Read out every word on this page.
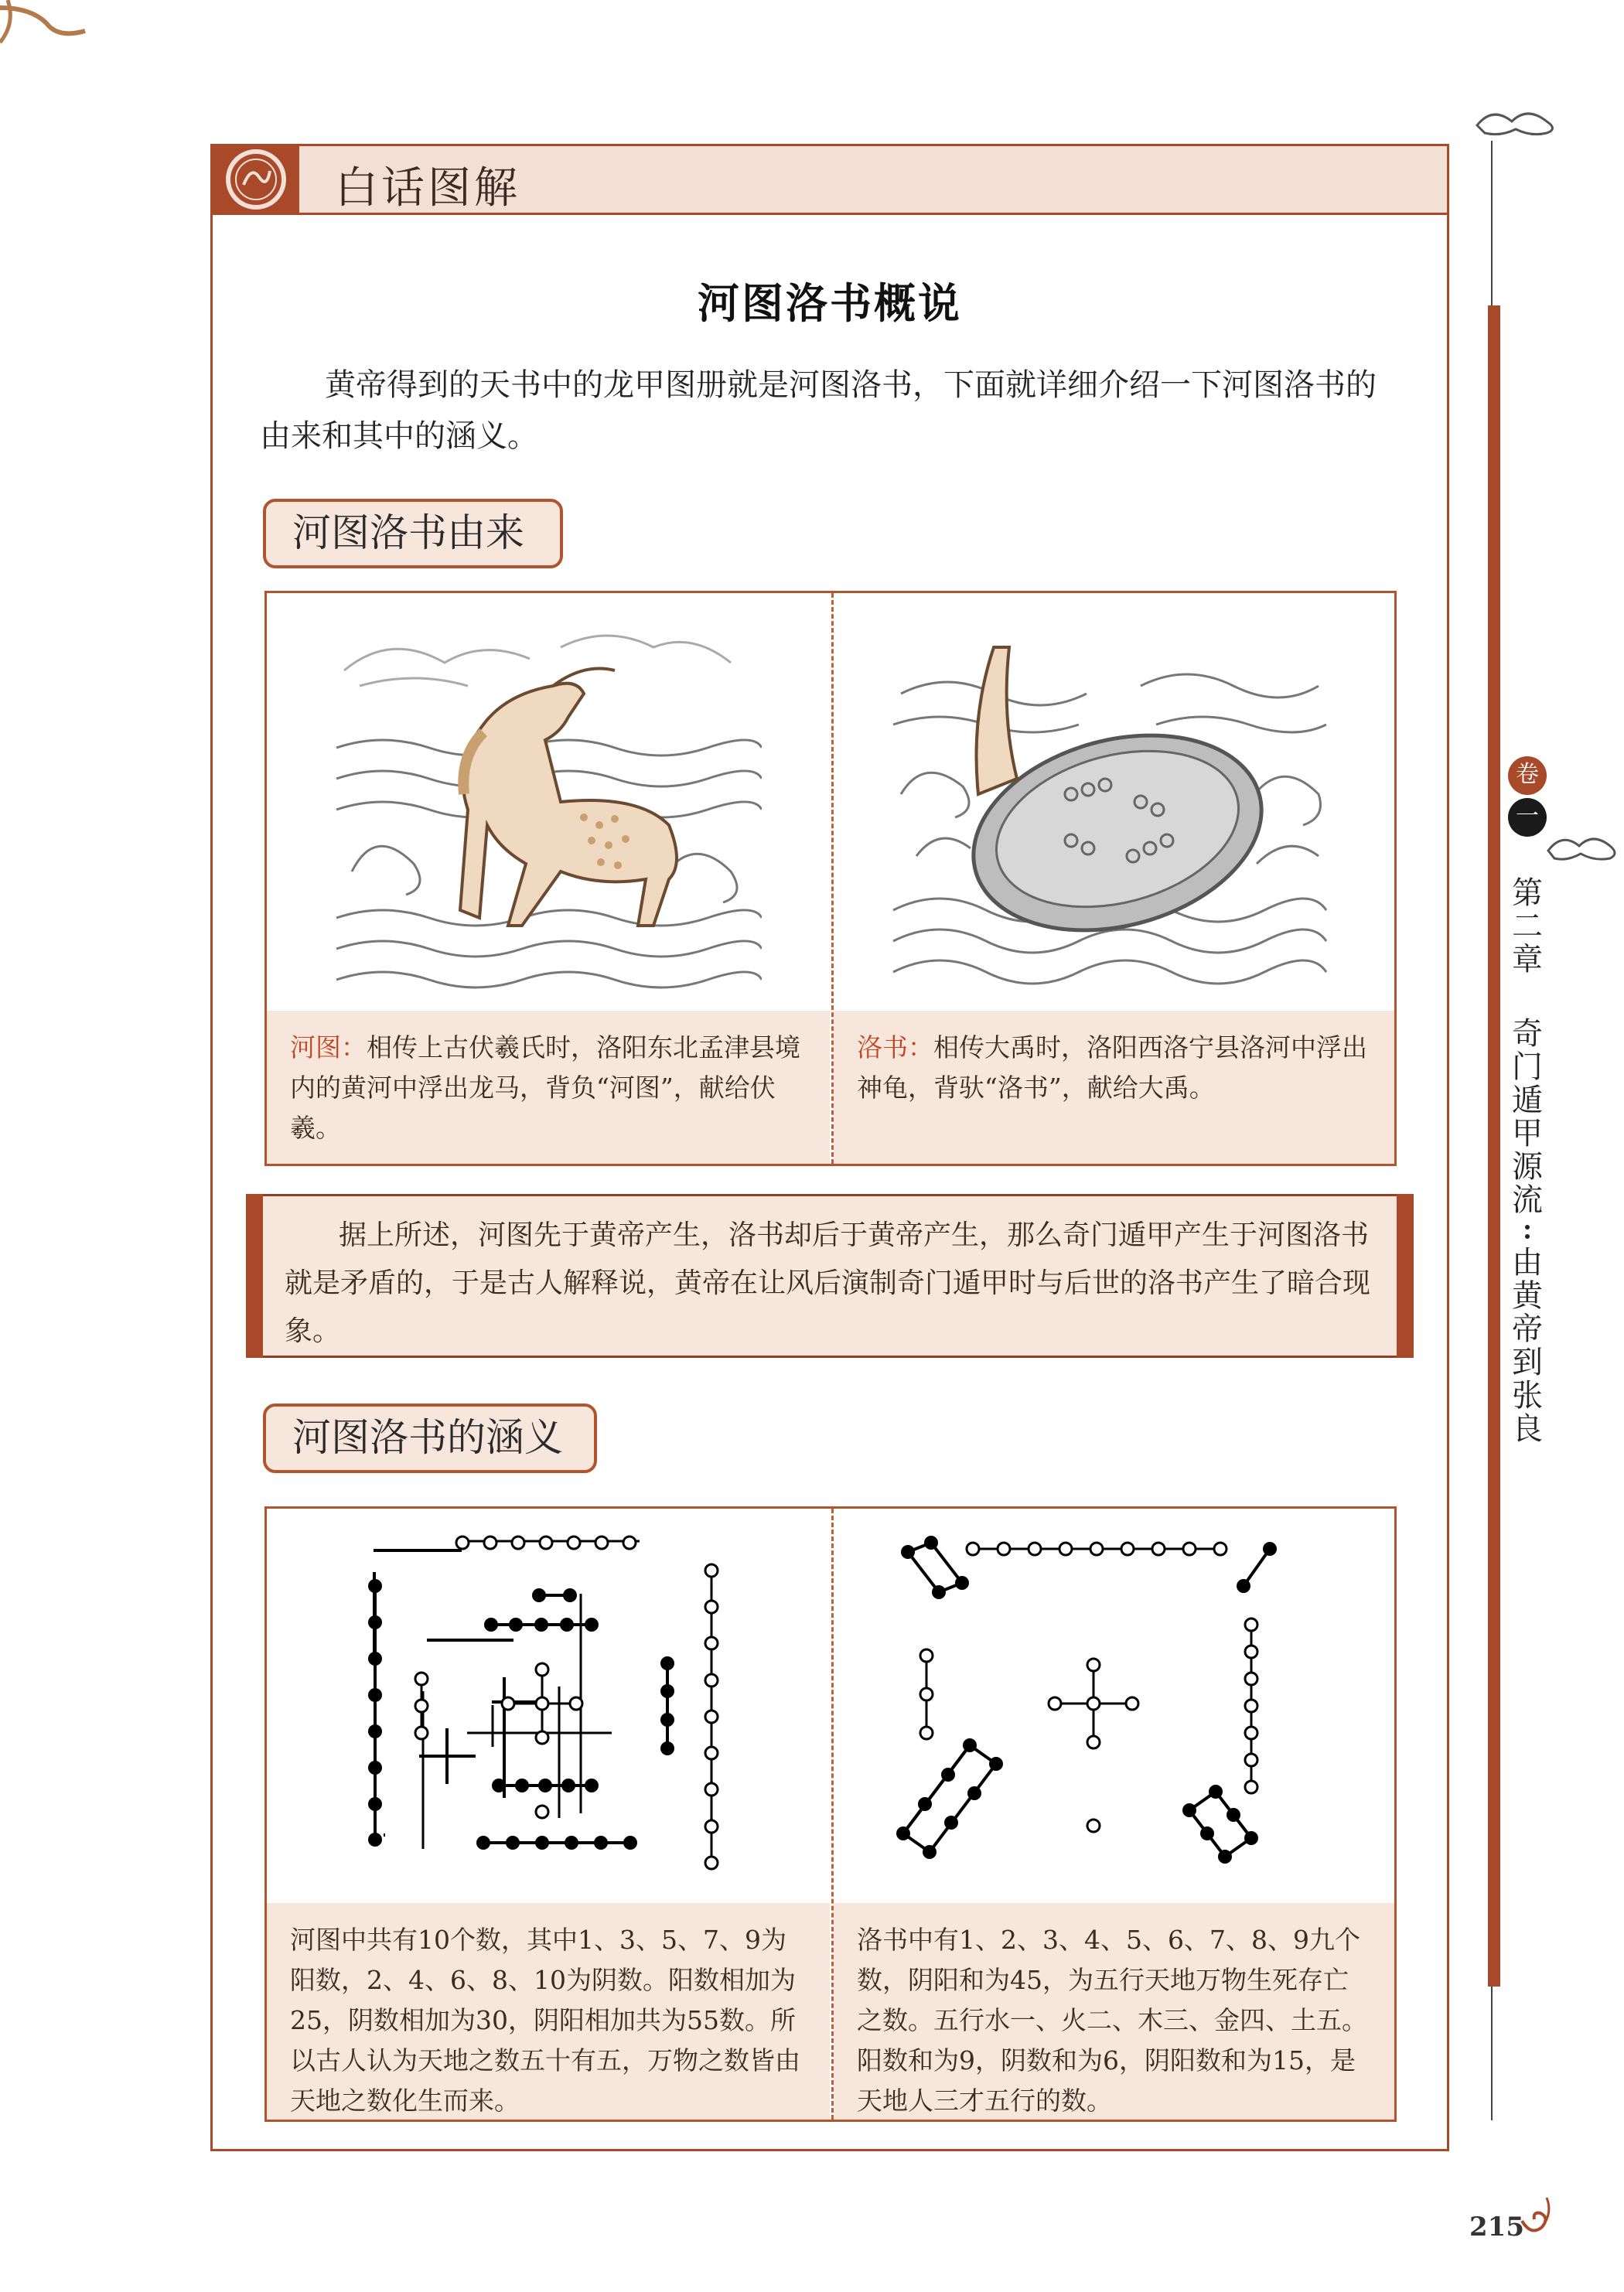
白话图解
河图洛书概说
黄帝得到的天书中的龙甲图册就是河图洛书，下面就详细介绍一下河图洛书的由来和其中的涵义。
河图洛书由来
河图：相传上古伏羲氏时，洛阳东北孟津县境内的黄河中浮出龙马，背负“河图”，献给伏羲。
洛书：相传大禹时，洛阳西洛宁县洛河中浮出神龟，背驮“洛书”，献给大禹。
据上所述，河图先于黄帝产生，洛书却后于黄帝产生，那么奇门遁甲产生于河图洛书就是矛盾的，于是古人解释说，黄帝在让风后演制奇门遁甲时与后世的洛书产生了暗合现象。
河图洛书的涵义
河图中共有10个数，其中1、3、5、7、9为阳数，2、4、6、8、10为阴数。阳数相加为25，阴数相加为30，阴阳相加共为55数。所以古人认为天地之数五十有五，万物之数皆由天地之数化生而来。
洛书中有1、2、3、4、5、6、7、8、9九个数，阴阳和为45，为五行天地万物生死存亡之数。五行水一、火二、木三、金四、土五。阳数和为9，阴数和为6，阴阳数和为15，是天地人三才五行的数。
卷
一
第二章
奇门遁甲源流
由黄帝到张良
215
